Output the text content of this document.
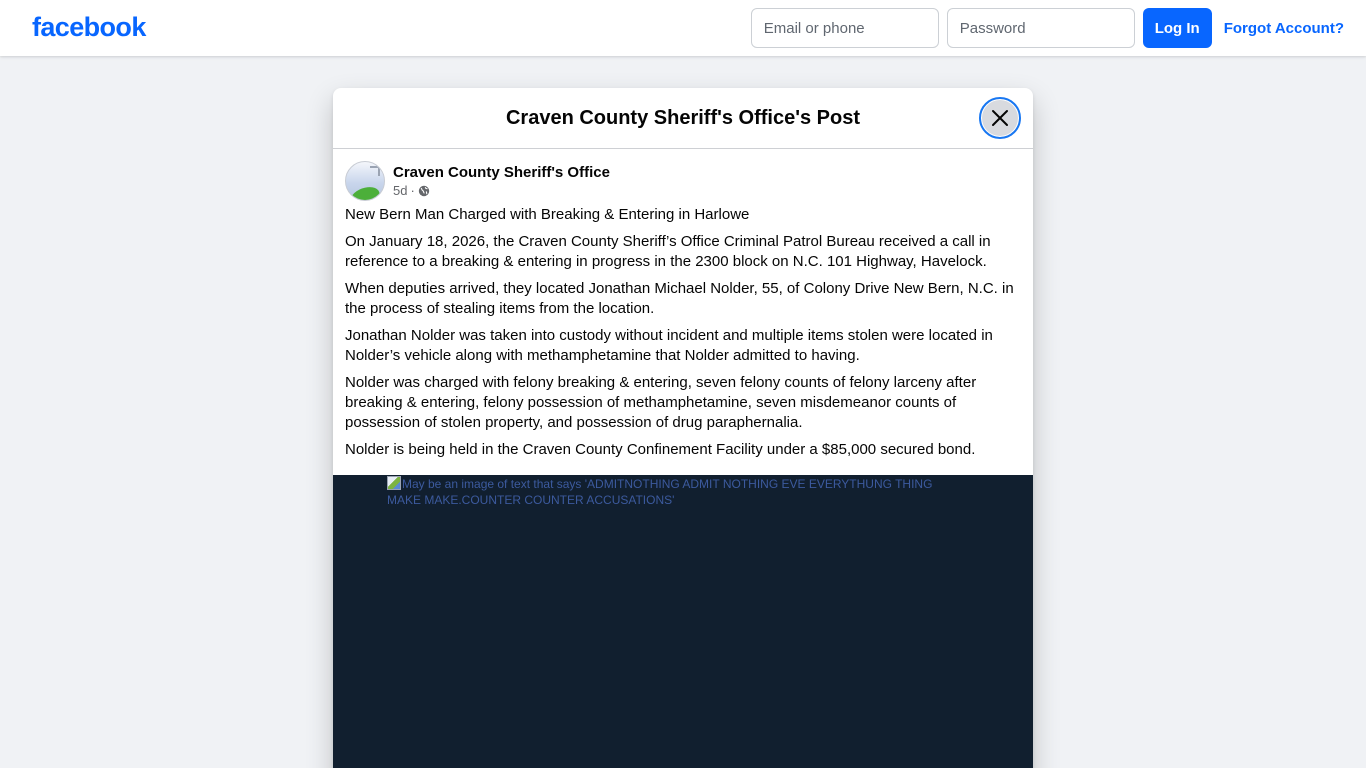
facebook
Email or phone	Log In	Forgot Account?
Craven County Sheriff's Office's Post
Craven County Sheriff's Office
5d ·

New Bern Man Charged with Breaking & Entering in Harlowe

On January 18, 2026, the Craven County Sheriff’s Office Criminal Patrol Bureau received a call in reference to a breaking & entering in progress in the 2300 block on N.C. 101 Highway, Havelock.

When deputies arrived, they located Jonathan Michael Nolder, 55, of Colony Drive New Bern, N.C. in the process of stealing items from the location.

Jonathan Nolder was taken into custody without incident and multiple items stolen were located in Nolder’s vehicle along with methamphetamine that Nolder admitted to having.

Nolder was charged with felony breaking & entering, seven felony counts of felony larceny after breaking & entering, felony possession of methamphetamine, seven misdemeanor counts of possession of stolen property, and possession of drug paraphernalia.

Nolder is being held in the Craven County Confinement Facility under a $85,000 secured bond.

May be an image of text that says 'ADMITNOTHING ADMIT NOTHING EVE EVERYTHUNG THING MAKE MAKE.COUNTER COUNTER ACCUSATIONS'
